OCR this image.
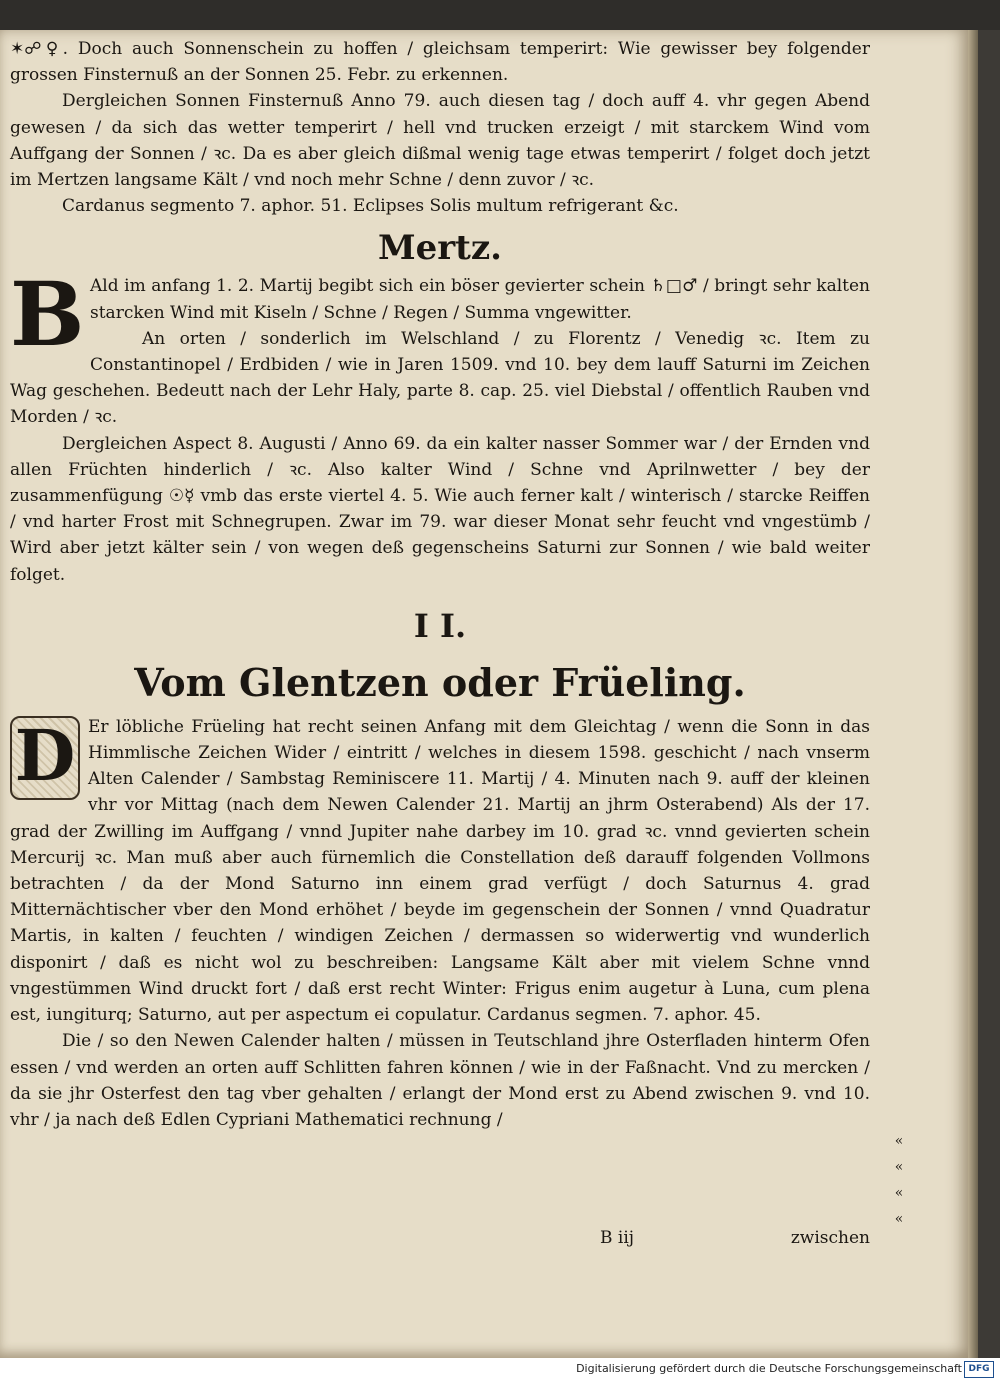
✶☍♀. Doch auch Sonnenschein zu hoffen / gleichsam temperirt: Wie gewisser bey folgender grossen Finsternuß an der Sonnen 25. Febr. zu erkennen.

Dergleichen Sonnen Finsternuß Anno 79. auch diesen tag / doch auff 4. vhr gegen Abend gewesen / da sich das wetter temperirt / hell vnd trucken erzeigt / mit starckem Wind vom Auffgang der Sonnen / ꝛc. Da es aber gleich dißmal wenig tage etwas temperirt / folget doch jetzt im Mertzen langsame Kält / vnd noch mehr Schne / denn zuvor / ꝛc.

Cardanus segmento 7. aphor. 51. Eclipses Solis multum refrigerant &c.

Mertz.

B Ald im anfang 1. 2. Martij begibt sich ein böser gevierter schein ♄□♂ / bringt sehr kalten starcken Wind mit Kiseln / Schne / Regen / Summa vngewitter.

An orten / sonderlich im Welschland / zu Florentz / Venedig ꝛc. Item zu Constantinopel / Erdbiden / wie in Jaren 1509. vnd 10. bey dem lauff Saturni im Zeichen Wag geschehen. Bedeutt nach der Lehr Haly, parte 8. cap. 25. viel Diebstal / offentlich Rauben vnd Morden / ꝛc.

Dergleichen Aspect 8. Augusti / Anno 69. da ein kalter nasser Sommer war / der Ernden vnd allen Früchten hinderlich / ꝛc. Also kalter Wind / Schne vnd Aprilnwetter / bey der zusammenfügung ☉☿ vmb das erste viertel 4. 5. Wie auch ferner kalt / winterisch / starcke Reiffen / vnd harter Frost mit Schnegrupen. Zwar im 79. war dieser Monat sehr feucht vnd vngestümb / Wird aber jetzt kälter sein / von wegen deß gegenscheins Saturni zur Sonnen / wie bald weiter folget.

I I.
Vom Glentzen oder Früeling.

D Er löbliche Früeling hat recht seinen Anfang mit dem Gleichtag / wenn die Sonn in das Himmlische Zeichen Wider / eintritt / welches in diesem 1598. geschicht / nach vnserm Alten Calender / Sambstag Reminiscere 11. Martij / 4. Minuten nach 9. auff der kleinen vhr vor Mittag (nach dem Newen Calender 21. Martij an jhrm Osterabend) Als der 17. grad der Zwilling im Auffgang / vnnd Jupiter nahe darbey im 10. grad ꝛc. vnnd gevierten schein Mercurij ꝛc. Man muß aber auch fürnemlich die Constellation deß darauff folgenden Vollmons betrachten / da der Mond Saturno inn einem grad verfügt / doch Saturnus 4. grad Mitternächtischer vber den Mond erhöhet / beyde im gegenschein der Sonnen / vnnd Quadratur Martis, in kalten / feuchten / windigen Zeichen / dermassen so widerwertig vnd wunderlich disponirt / daß es nicht wol zu beschreiben: Langsame Kält aber mit vielem Schne vnnd vngestümmen Wind druckt fort / daß erst recht Winter: Frigus enim augetur à Luna, cum plena est, iungiturq; Saturno, aut per aspectum ei copulatur. Cardanus segmen. 7. aphor. 45.

Die / so den Newen Calender halten / müssen in Teutschland jhre Osterfladen hinterm Ofen essen / vnd werden an orten auff Schlitten fahren können / wie in der Faßnacht. Vnd zu mercken / da sie jhr Osterfest den tag vber gehalten / erlangt der Mond erst zu Abend zwischen 9. vnd 10. vhr / ja nach deß Edlen Cypriani Mathematici rechnung /

«
«
«
«
B iij	zwischen
Digitalisierung gefördert durch die Deutsche Forschungsgemeinschaft DFG
